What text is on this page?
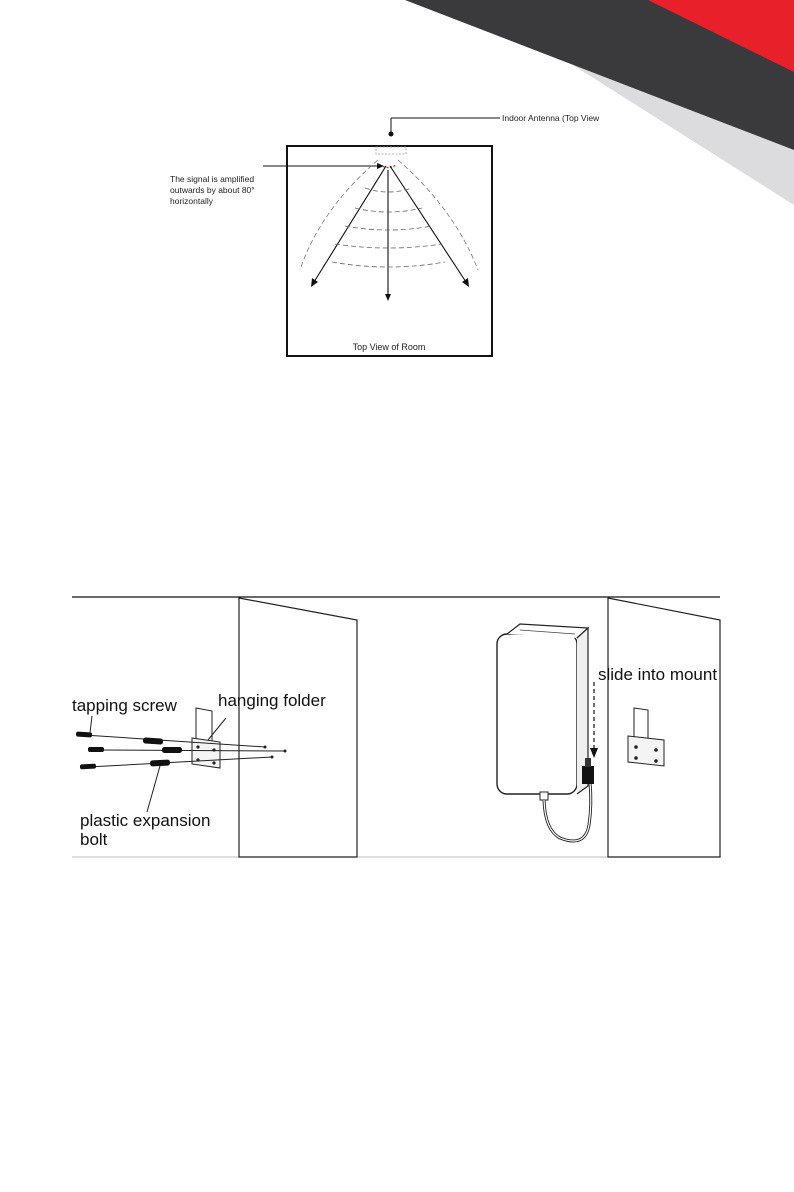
Indoor Antenna (Top View
The signal is amplified
outwards by about 80°
horizontally
Top View of Room
tapping screw hanging folder
plastic expansion
bolt
slide into mount
